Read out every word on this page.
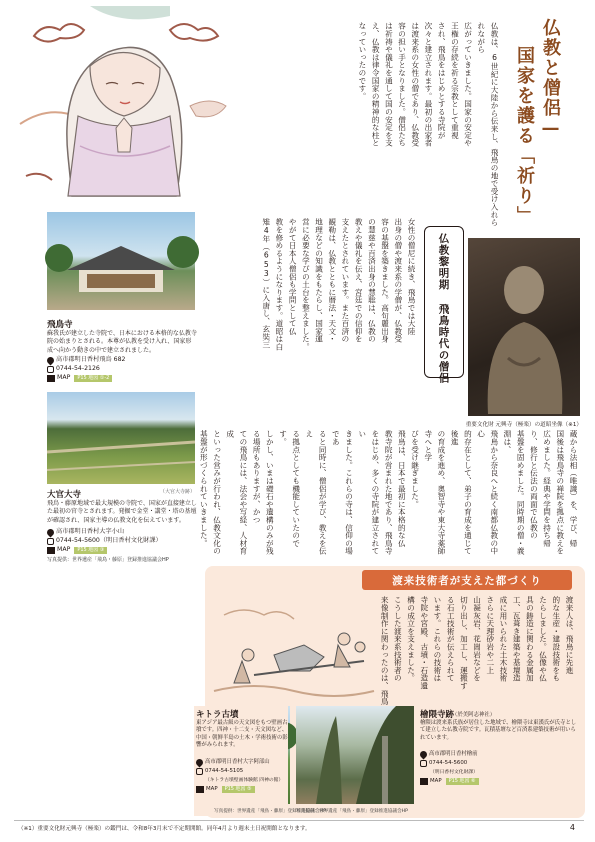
仏教と僧侶—
国家を護る「祈り」
仏教は、6世紀に大陸から伝来し、飛鳥の地で受け入れられながら
広がっていきました。国家の安定や
王権の存続を祈る宗教として重視
され、飛鳥をはじめとする寺院が
次々と建立されます。最初の出家者
は渡来系の女性の僧であり、仏教受
容の担い手となりました。僧侶たち
は祈祷や儀礼を通して国の安定を支
え、仏教は律令国家の精神的な柱と
なっていったのです。
飛鳥寺
蘇我氏が建立した寺院で、日本における本格的な仏教寺院の始まりとされる。本尊が仏教を受け入れ、国家形成へ向かう動きの中で建立されました。
高市郡明日香村飛鳥 682
0744-54-2126
MAP	P15 地図 ①-2
大官大寺	（大官大寺跡）
飛鳥・藤原地域で最大規模の寺院で、国家が直接建立した最初の官寺とされます。発掘で金堂・講堂・塔の基壇が確認され、国家主導の仏教文化を伝えています。
高市郡明日香村大字小山
0744-54-5600（明日香村文化財課）
MAP	P15 地図 ③
写真提供：世界遺産「飛鳥・藤原」登録推進協議会HP
女性の僧尼に続き、飛鳥では大陸
出身の僧や渡来系の学僧が、仏教受
容の基盤を築きました。高句麗出身
の慧慈や百済出身の慧聡は、仏教の
教えや儀礼を伝え、宮廷での信仰を
支えたとされています。また百済の
観勒は、仏教とともに暦法・天文・
地理などの知識をもたらし、国家運
営に必要な学びの土台を整えました。
やがて日本人僧侶も学問として仏
教を修めるようになります。道昭は白
雉4年（653）に入唐し、玄奘三	仏教黎明期 飛鳥時代の僧侶
重要文化財 元興寺（極楽）の道昭坐像（※1）
蔵から法相（唯識）を、学び、帰
国後は飛鳥寺の禅院を拠点に教えを
広めました。経典や学問を持ち帰
り、修行と伝法の両面で仏教の
基盤を固めました。同時期の僧・義淵は、
飛鳥から奈良へと続く南都仏教の中心
的存在として、弟子の育成を通じて後進
の育成を進め、奥智寺や東大寺薬師寺へと学
びを受け継ぎました。
飛鳥は、日本で最初に本格的な仏
教寺院が営まれた地であり、飛鳥寺
をはじめ、多くの寺院が建立されてい
きました。これらの寺は、信仰の場であ
ると同時に、僧侶が学び、教えを伝え
る拠点としても機能していたのです。
しかし、いまは礎石や遺構のみが残
る場所もありますが、かつ
ての飛鳥には、法会や写経、人材育成
といった営みが行われ、仏教文化の
基盤が形づくられていきました。
渡来技術者が支えた都づくり
渡来人は、飛鳥に先進
的な生産・建設技術をも
たらしました。仏像や仏
具の鋳造に関わる金属加
工、瓦葺き建築や基壇造
成に用いられた土木技術
さらに天理砂岩や二上
山凝灰岩、花崗岩などを
切り出し、加工し、運搬す
る石工技術が伝えられて
います。これらの技術は
寺院や宮殿、古墳・石造遺
構の成立を支えました。
こうした渡来系技術者の
来像制作に関わったのは、飛鳥
キトラ古墳
東アジア最古級の天文図をもつ壁画古墳です。四神・十二支・天文図など、中国・朝鮮半島の土木・学術技術の影響がみられます。
高市郡明日香村大字阿部山
0744-54-5105
（キトラ古墳壁画体験館 四神の館）
MAP	P15 地図 ⑤
檜隈寺跡
（於美阿志神社）
檜隈は渡来系氏族が居住した地域で、檜隈寺は東漢氏が氏寺として建立した仏教寺院です。瓦積基壇など百済系建築技術が用いられています。
高市郡明日香村檜前
0744-54-5600
（明日香村文化財課）
MAP	P15 地図 ⑥
写真提供：世界遺産「飛鳥・藤原」登録推進協議会HP
写真提供：世界遺産「飛鳥・藤原」登録推進協議会HP
（※1）重要文化財元興寺（極楽）の鑑門は、令和8年3月末で不定期開館。同年4月より週末土日祝開館となります。	4
